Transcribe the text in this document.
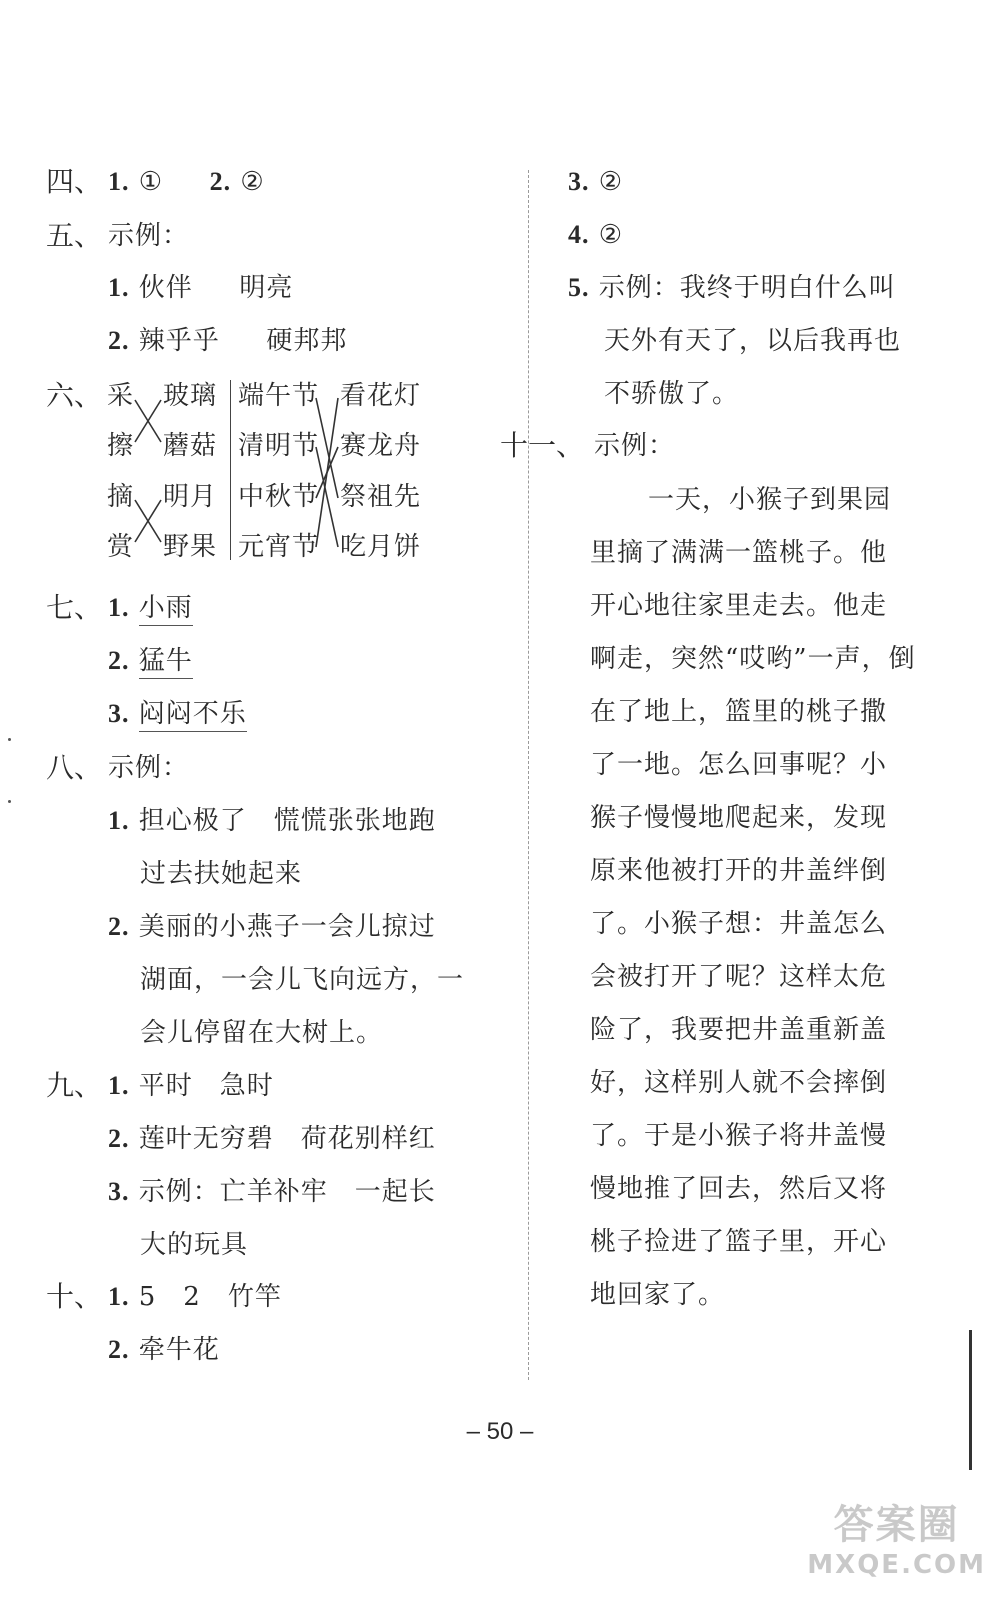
四、 1. ① 2. ②
五、 示例：
1. 伙伴 明亮
2. 辣乎乎 硬邦邦
六、 采
擦
摘
赏
玻璃
蘑菇
明月
野果
端午节
清明节
中秋节
元宵节
看花灯
赛龙舟
祭祖先
吃月饼
七、 1. 小雨
2. 猛牛
3. 闷闷不乐
八、 示例：
1. 担心极了　慌慌张张地跑
过去扶她起来
2. 美丽的小燕子一会儿掠过
湖面，一会儿飞向远方，一
会儿停留在大树上。
九、 1. 平时　急时
2. 莲叶无穷碧　荷花别样红
3. 示例：亡羊补牢　一起长
大的玩具
十、 1. 5　2　竹竿
2. 牵牛花
3. ②
4. ②
5. 示例：我终于明白什么叫
天外有天了，以后我再也
不骄傲了。
十一、 示例：
一天，小猴子到果园
里摘了满满一篮桃子。他
开心地往家里走去。他走
啊走，突然“哎哟”一声，倒
在了地上，篮里的桃子撒
了一地。怎么回事呢？小
猴子慢慢地爬起来，发现
原来他被打开的井盖绊倒
了。小猴子想：井盖怎么
会被打开了呢？这样太危
险了，我要把井盖重新盖
好，这样别人就不会摔倒
了。于是小猴子将井盖慢
慢地推了回去，然后又将
桃子捡进了篮子里，开心
地回家了。
– 50 –
答案圈
MXQE.COM
